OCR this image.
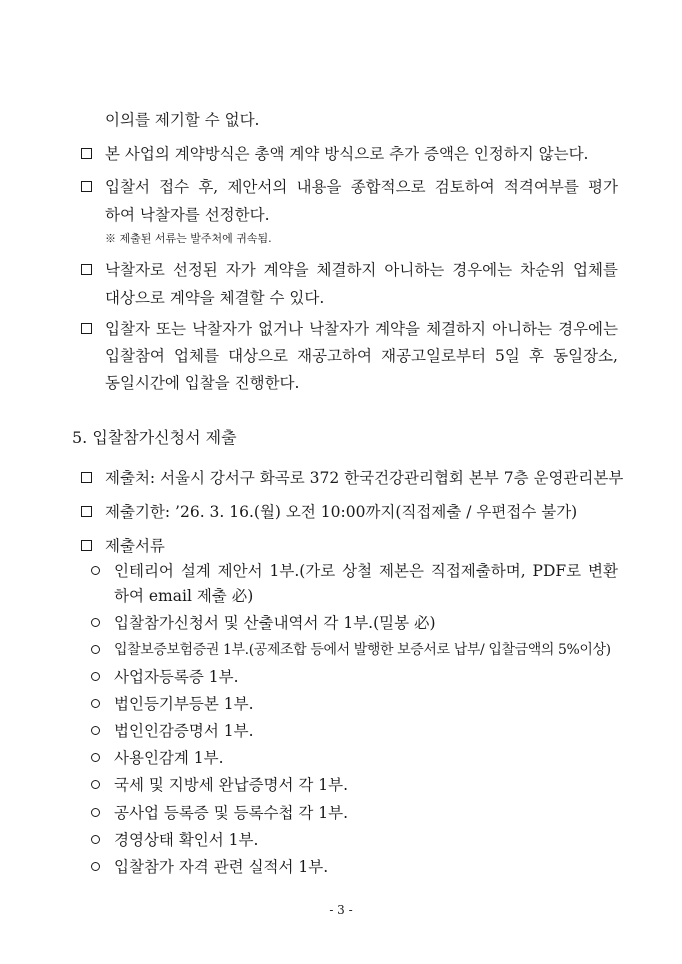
이의를 제기할 수 없다.
본 사업의 계약방식은 총액 계약 방식으로 추가 증액은 인정하지 않는다.
입찰서 접수 후, 제안서의 내용을 종합적으로 검토하여 적격여부를 평가
하여 낙찰자를 선정한다.
※ 제출된 서류는 발주처에 귀속됨.
낙찰자로 선정된 자가 계약을 체결하지 아니하는 경우에는 차순위 업체를
대상으로 계약을 체결할 수 있다.
입찰자 또는 낙찰자가 없거나 낙찰자가 계약을 체결하지 아니하는 경우에는
입찰참여 업체를 대상으로 재공고하여 재공고일로부터 5일 후 동일장소,
동일시간에 입찰을 진행한다.
5. 입찰참가신청서 제출
제출처: 서울시 강서구 화곡로 372 한국건강관리협회 본부 7층 운영관리본부
제출기한: ’26. 3. 16.(월) 오전 10:00까지(직접제출 / 우편접수 불가)
제출서류
인테리어 설계 제안서 1부.(가로 상철 제본은 직접제출하며, PDF로 변환
하여 email 제출 必)
입찰참가신청서 및 산출내역서 각 1부.(밀봉 必)
입찰보증보험증권 1부.(공제조합 등에서 발행한 보증서로 납부/ 입찰금액의 5%이상)
사업자등록증 1부.
법인등기부등본 1부.
법인인감증명서 1부.
사용인감계 1부.
국세 및 지방세 완납증명서 각 1부.
공사업 등록증 및 등록수첩 각 1부.
경영상태 확인서 1부.
입찰참가 자격 관련 실적서 1부.
- 3 -
